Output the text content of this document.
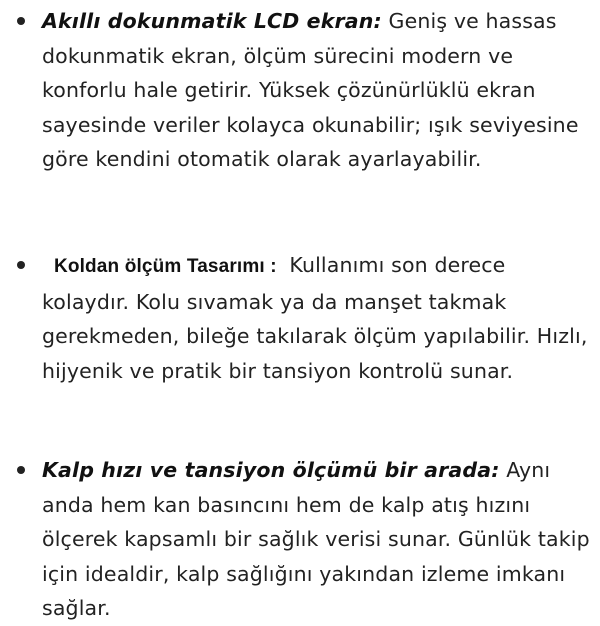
Akıllı dokunmatik LCD ekran: Geniş ve hassas dokunmatik ekran, ölçüm sürecini modern ve konforlu hale getirir. Yüksek çözünürlüklü ekran sayesinde veriler kolayca okunabilir; ışık seviyesine göre kendini otomatik olarak ayarlayabilir.
Koldan ölçüm Tasarımı : Kullanımı son derece kolaydır. Kolu sıvamak ya da manşet takmak gerekmeden, bileğe takılarak ölçüm yapılabilir. Hızlı, hijyenik ve pratik bir tansiyon kontrolü sunar.
Kalp hızı ve tansiyon ölçümü bir arada: Aynı anda hem kan basıncını hem de kalp atış hızını ölçerek kapsamlı bir sağlık verisi sunar. Günlük takip için idealdir, kalp sağlığını yakından izleme imkanı sağlar.
